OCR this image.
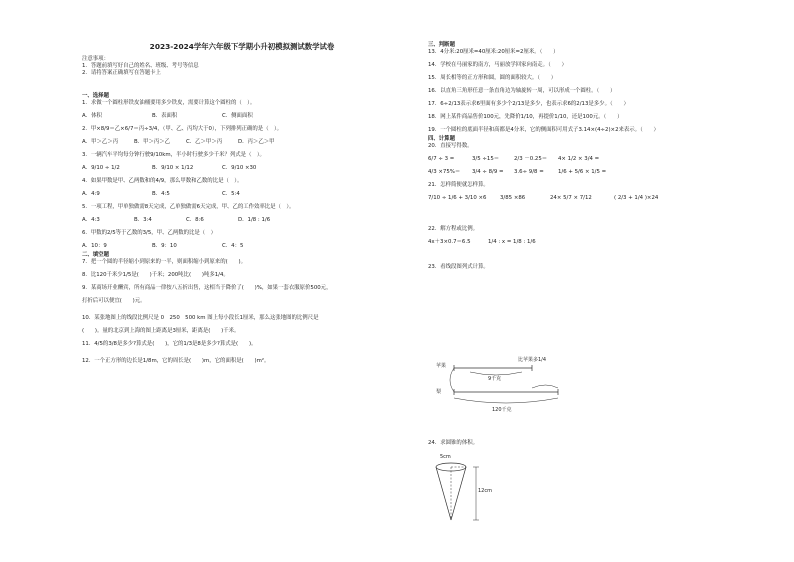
2023-2024学年六年级下学期小升初模拟测试数学试卷
注意事项：
1．答题前填写好自己的姓名、班级、考号等信息
2．请将答案正确填写在答题卡上
一、选择题
1．求做一个圆柱形铁皮油桶要用多少铁皮，需要计算这个圆柱的（　）。
A．体积	B．表面积	C．侧面面积
2．甲×8/9＝乙×6/7＝丙÷3/4，（甲、乙、丙均大于0），下列排列正确的是（　）。
A．甲＞乙＞丙	B．甲＞丙＞乙	C．乙＞甲＞丙	D．丙＞乙＞甲
3．一辆汽车平均每分钟行驶9/10km，半小时行驶多少千米？列式是（　）。
A．9/10 ÷ 1/2	B．9/10 × 1/12	C．9/10 ×30
4．如果甲数是甲、乙两数和的4/9，那么甲数和乙数的比是（　）。
A．4:9	B．4:5	C．5:4
5．一项工程，甲单独做需8天完成，乙单独做需6天完成，甲、乙的工作效率比是（　）。
A．4:3	B．3:4	C．8:6	D．1/8 : 1/6
6．甲数的2/5等于乙数的3/5，甲、乙两数的比是（　）
A．10：9	B．9：10	C．4：5
二、填空题
7．把一个圆的半径缩小到原来的一半，则面积缩小到原来的(　　)。
8．比120千米少1/5是(　　)千米；200吨比(　　)吨多1/4。
9．某商场开业酬宾，所有商品一律按八五折出售，这相当于降价了(　　)%，如果一套衣服原价500元，
打折后可以便宜(　　)元。
10．某张地图上的线段比例尺是 0　250　500 km 图上每小段长1厘米，那么这张地图的比例尺是
(　　)。量的北京到上海的图上距离是3厘米，距离是(　　)千米。
11．4/5的3/8是多少?算式是(　　)，它的1/3是8是多少?算式是(　　)。
12．一个正方形的边长是1/8m，它的周长是(　　)m，它的面积是(　　)m²。
三、判断题
13．4分米:20厘米=40厘米:20厘米=2厘米。（　　）
14．学校在马丽家的南方，马丽放学回家向南走。（　　）
15．周长相等的正方形和圆，圆的面积较大。（　　）
16．以直角三角形任意一条直角边为轴旋转一周，可以形成一个圆柱。（　　）
17．6÷2/13表示求6里面有多少个2/13是多少，也表示求6的2/13是多少。（　　）
18．网上某件商品售价100元，先降价1/10，再提价1/10，还是100元。（　　）
19．一个圆柱的底面半径和高都是4分米，它的侧面积可用式子3.14×(4÷2)×2来表示。（　　）
四、计算题
20．直接写得数。
6/7 ÷ 3 =	3/5 ÷15＝	2/3 －0.25＝	4× 1/2 × 3/4 =
4/3 ×75%＝	3/4 ÷ 8/9 =	3.6÷ 9/8 =	1/6 + 5/6 × 1/5 =
21．怎样简便就怎样算。
7/10 ÷ 1/6 + 3/10 ×6	3/85 ×86	24× 5/7 × 7/12	( 2/3 + 1/4 )×24
22．解方程或比例。
4x＋3×0.7＝6.5	1/4 : x = 1/8 : 1/6
23．看线段图列式计算。
苹果
比苹果多1/4
9千克
梨
120千克
24．求圆锥的体积。
5cm
12cm
